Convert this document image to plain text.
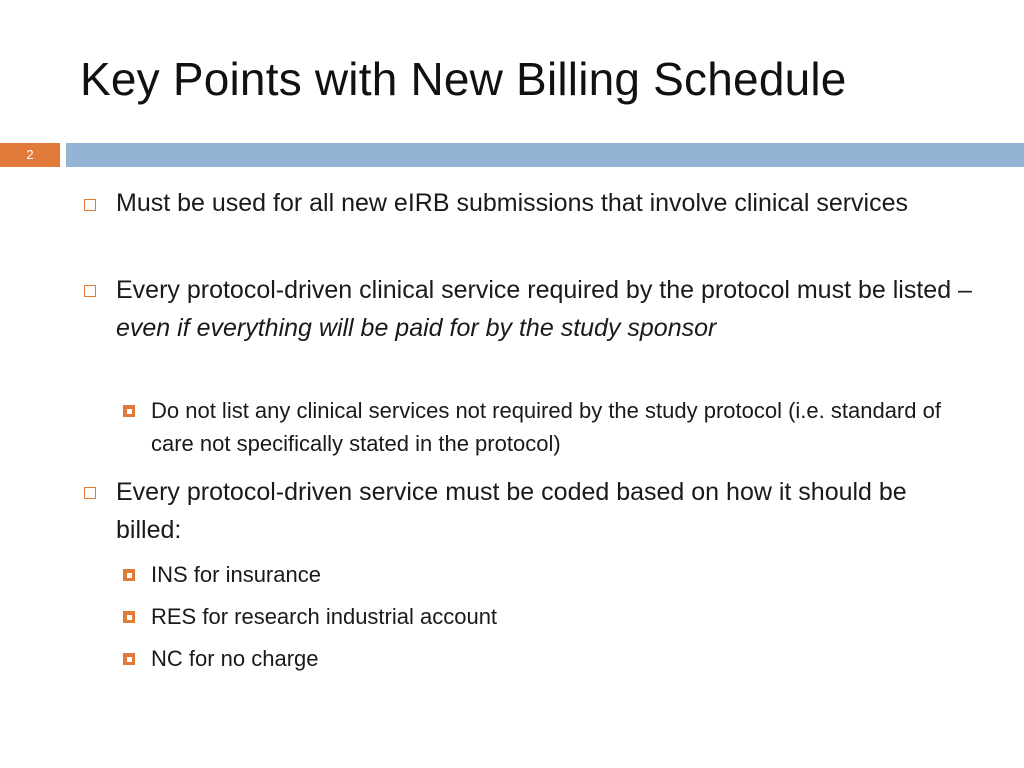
Key Points with New Billing Schedule
2
Must be used for all new eIRB submissions that involve clinical services
Every protocol-driven clinical service required by the protocol must be listed – even if everything will be paid for by the study sponsor
Do not list any clinical services not required by the study protocol (i.e. standard of care not specifically stated in the protocol)
Every protocol-driven service must be coded based on how it should be billed:
INS for insurance
RES for research industrial account
NC for no charge
